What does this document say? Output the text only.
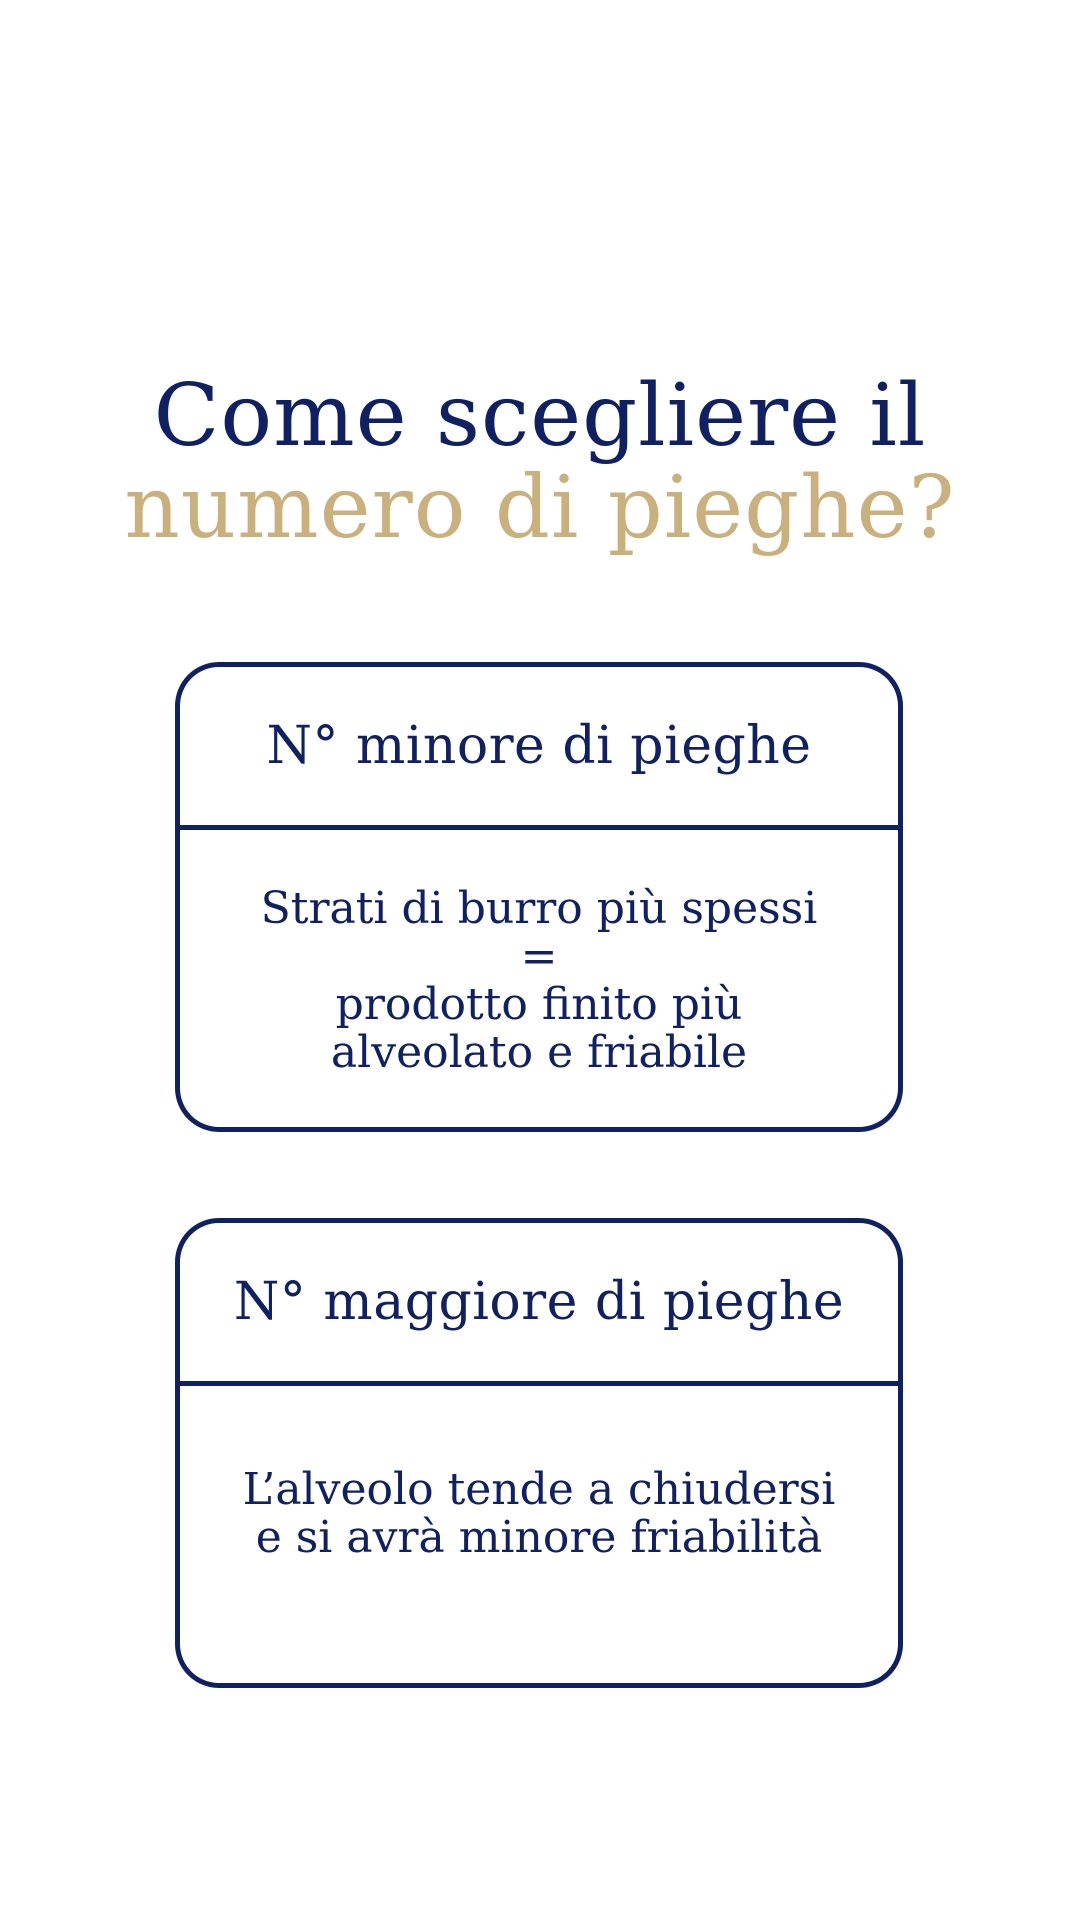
Come scegliere il
numero di pieghe?
N° minore di pieghe
Strati di burro più spessi
=
prodotto finito più
alveolato e friabile
N° maggiore di pieghe
L’alveolo tende a chiudersi
e si avrà minore friabilità
